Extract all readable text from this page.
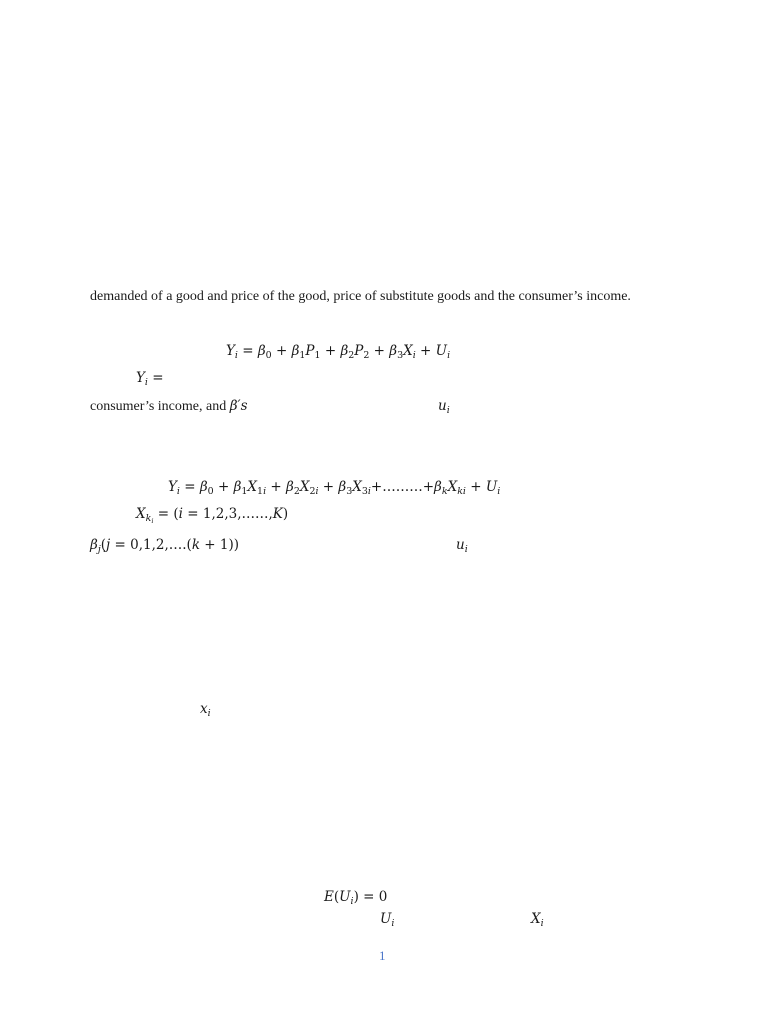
demanded of a good and price of the good, price of substitute goods and the consumer’s income.
$Y_i = \beta_0 + \beta_1P_1 + \beta_2P_2 + \beta_3X_i + U_i$
$Y_i$ =
consumer’s income, and β′s	$u_i$
$Y_i = \beta_0 + \beta_1X_{1i} + \beta_2X_{2i}$ + $\beta_3X_{3i}+\dots\dots\dots+\beta_kX_{ki} + U_i$
$X_{k_i} = (i$ = 1,2,3,……,K)
$\beta_j(j$ = 0,1,2,….(k + 1))	$u_i$
$x_i$
$E(U_i) = 0$
$U_i$	$X_i$
1
